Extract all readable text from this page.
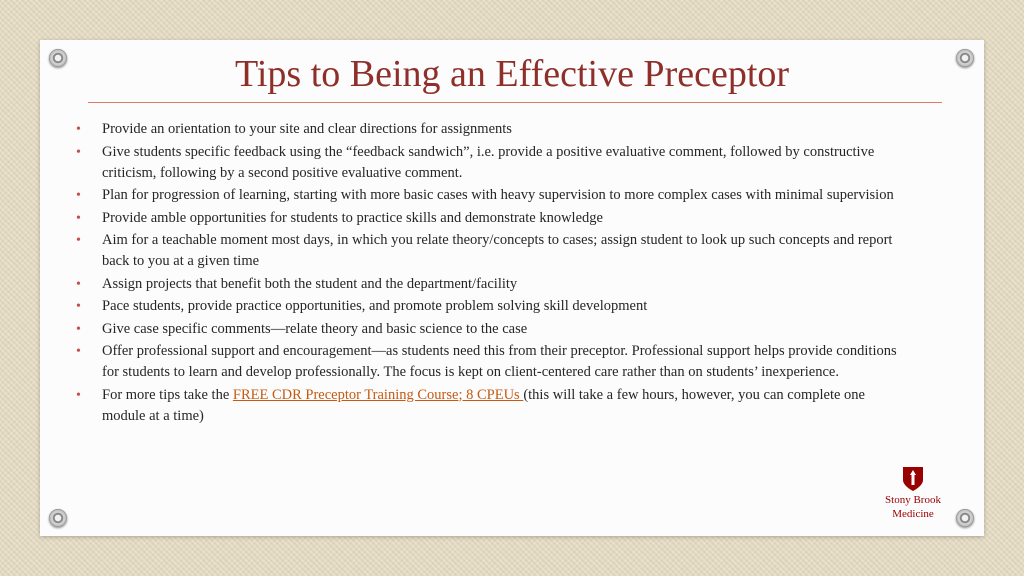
Tips to Being an Effective Preceptor
• Provide an orientation to your site and clear directions for assignments
• Give students specific feedback using the “feedback sandwich”, i.e. provide a positive evaluative comment, followed by constructive criticism, following by a second positive evaluative comment.
• Plan for progression of learning, starting with more basic cases with heavy supervision to more complex cases with minimal supervision
• Provide amble opportunities for students to practice skills and demonstrate knowledge
• Aim for a teachable moment most days, in which you relate theory/concepts to cases; assign student to look up such concepts and report back to you at a given time
• Assign projects that benefit both the student and the department/facility
• Pace students, provide practice opportunities, and promote problem solving skill development
• Give case specific comments—relate theory and basic science to the case
• Offer professional support and encouragement—as students need this from their preceptor. Professional support helps provide conditions for students to learn and develop professionally. The focus is kept on client-centered care rather than on students’ inexperience.
• For more tips take the FREE CDR Preceptor Training Course; 8 CPEUs (this will take a few hours, however, you can complete one module at a time)
Stony Brook
Medicine
